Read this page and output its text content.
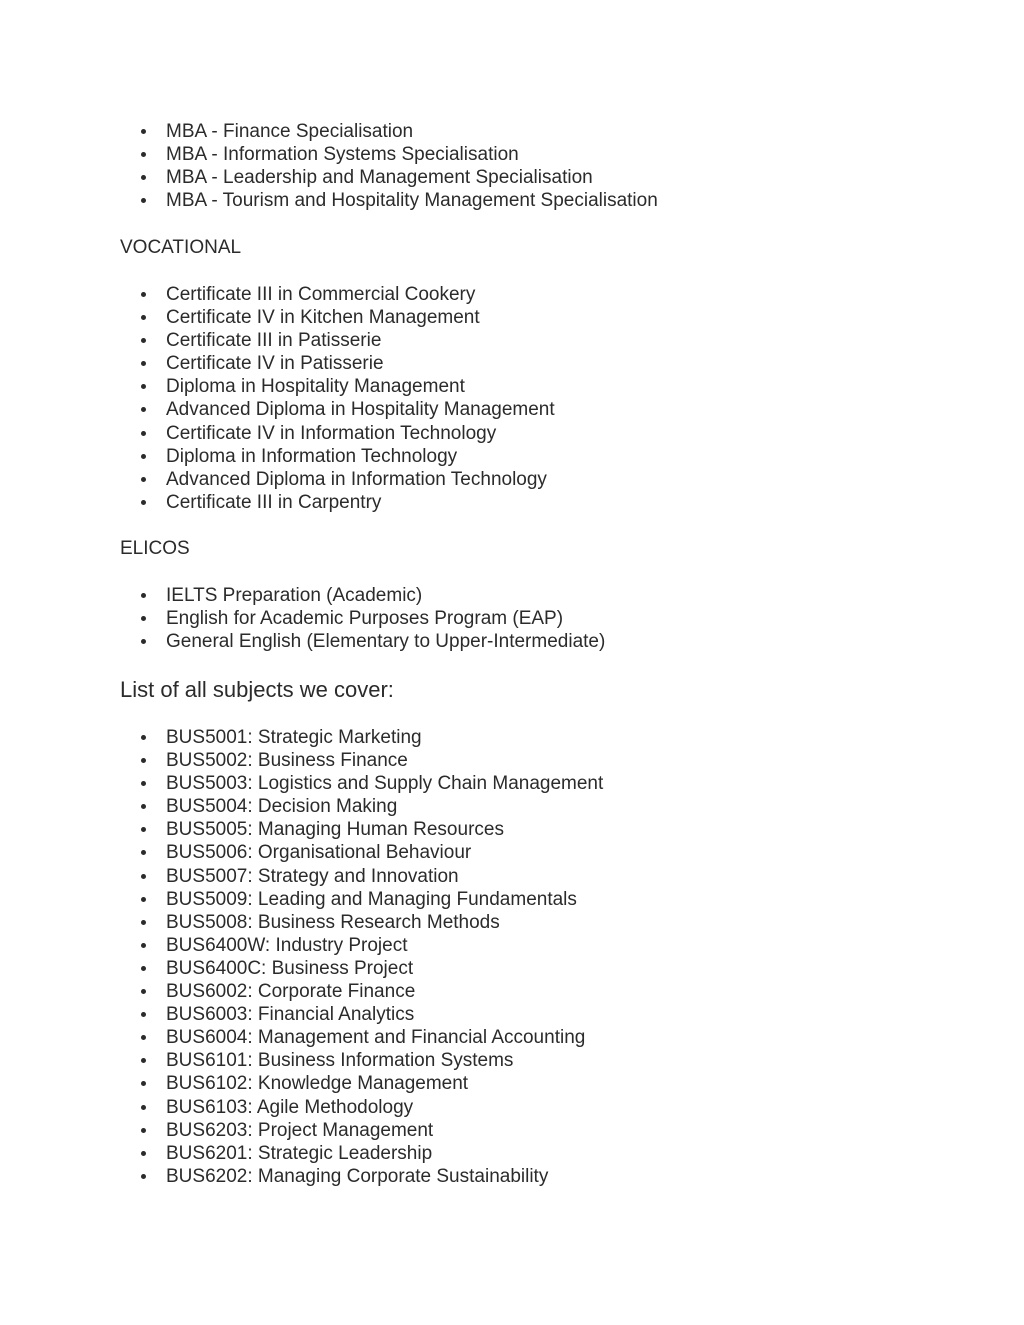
MBA - Finance Specialisation
MBA - Information Systems Specialisation
MBA - Leadership and Management Specialisation
MBA - Tourism and Hospitality Management Specialisation
VOCATIONAL
Certificate III in Commercial Cookery
Certificate IV in Kitchen Management
Certificate III in Patisserie
Certificate IV in Patisserie
Diploma in Hospitality Management
Advanced Diploma in Hospitality Management
Certificate IV in Information Technology
Diploma in Information Technology
Advanced Diploma in Information Technology
Certificate III in Carpentry
ELICOS
IELTS Preparation (Academic)
English for Academic Purposes Program (EAP)
General English (Elementary to Upper-Intermediate)
List of all subjects we cover:
BUS5001: Strategic Marketing
BUS5002: Business Finance
BUS5003: Logistics and Supply Chain Management
BUS5004: Decision Making
BUS5005: Managing Human Resources
BUS5006: Organisational Behaviour
BUS5007: Strategy and Innovation
BUS5009: Leading and Managing Fundamentals
BUS5008: Business Research Methods
BUS6400W: Industry Project
BUS6400C: Business Project
BUS6002: Corporate Finance
BUS6003: Financial Analytics
BUS6004: Management and Financial Accounting
BUS6101: Business Information Systems
BUS6102: Knowledge Management
BUS6103: Agile Methodology
BUS6203: Project Management
BUS6201: Strategic Leadership
BUS6202: Managing Corporate Sustainability
